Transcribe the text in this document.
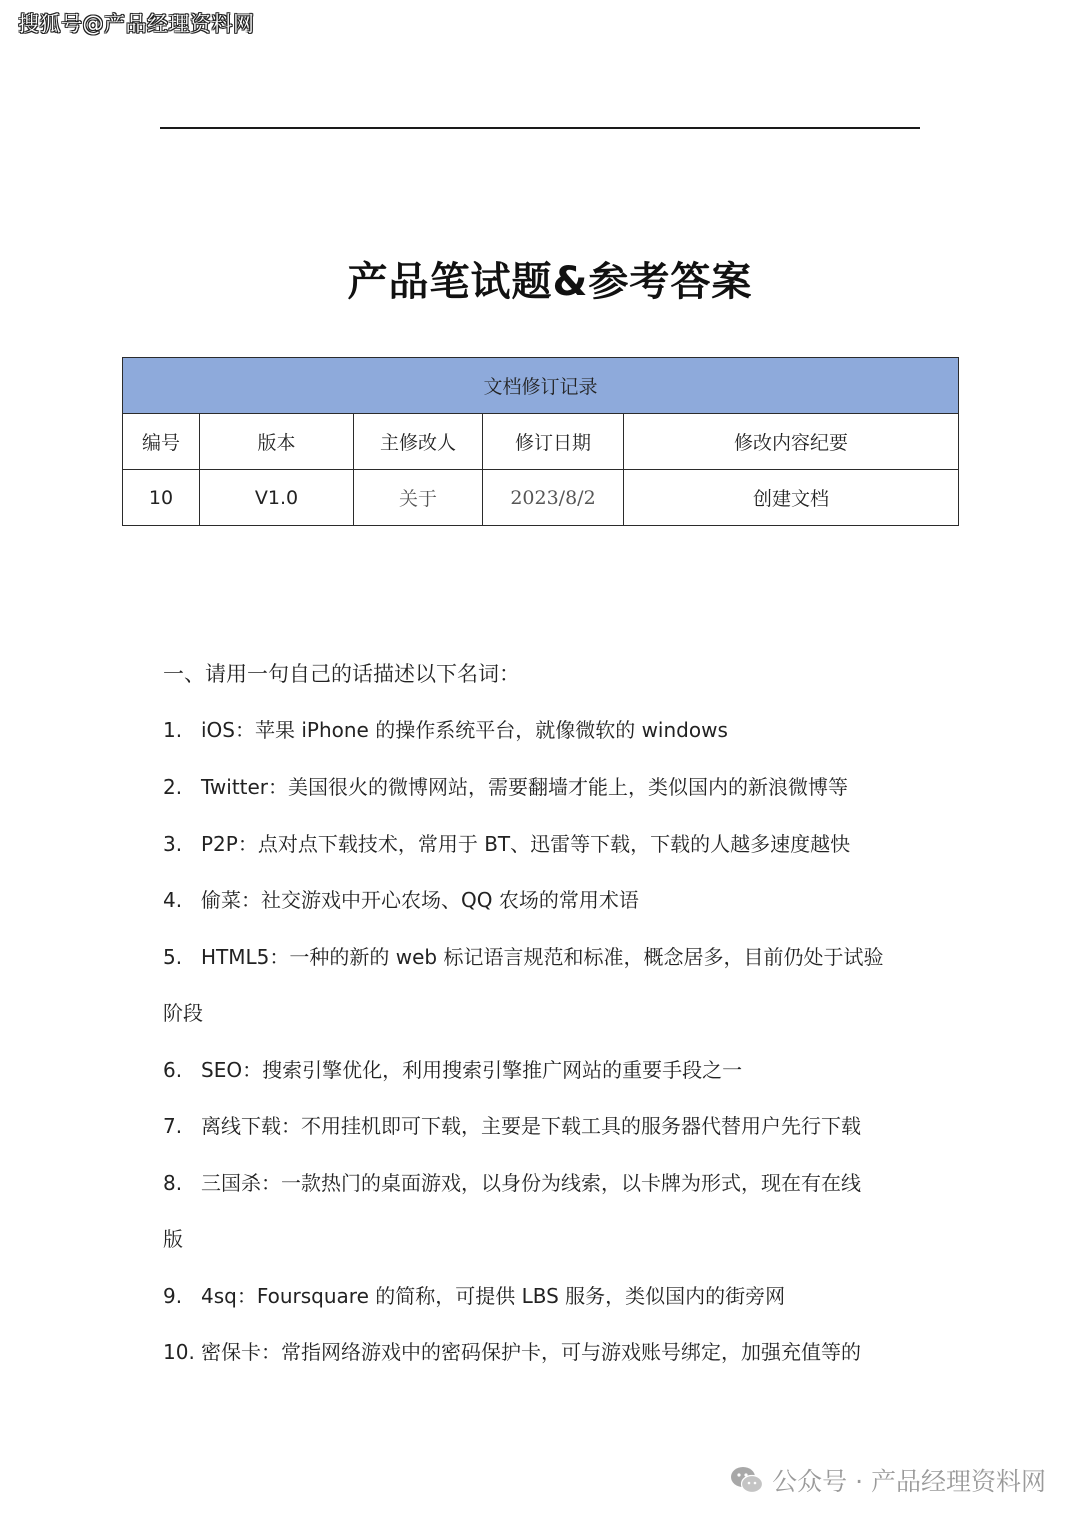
搜狐号@产品经理资料网
产品笔试题&参考答案
文档修订记录				
编号	版本	主修改人	修订日期	修改内容纪要
10	V1.0	关于	2023/8/2	创建文档
一、请用一句自己的话描述以下名词：
1. iOS：苹果 iPhone 的操作系统平台，就像微软的 windows
2. Twitter：美国很火的微博网站，需要翻墙才能上，类似国内的新浪微博等
3. P2P：点对点下载技术，常用于 BT、迅雷等下载，下载的人越多速度越快
4. 偷菜：社交游戏中开心农场、QQ 农场的常用术语
5. HTML5：一种的新的 web 标记语言规范和标准，概念居多，目前仍处于试验
阶段
6. SEO：搜索引擎优化，利用搜索引擎推广网站的重要手段之一
7. 离线下载：不用挂机即可下载，主要是下载工具的服务器代替用户先行下载
8. 三国杀：一款热门的桌面游戏，以身份为线索，以卡牌为形式，现在有在线
版
9. 4sq：Foursquare 的简称，可提供 LBS 服务，类似国内的街旁网
10. 密保卡：常指网络游戏中的密码保护卡，可与游戏账号绑定，加强充值等的
公众号 · 产品经理资料网
